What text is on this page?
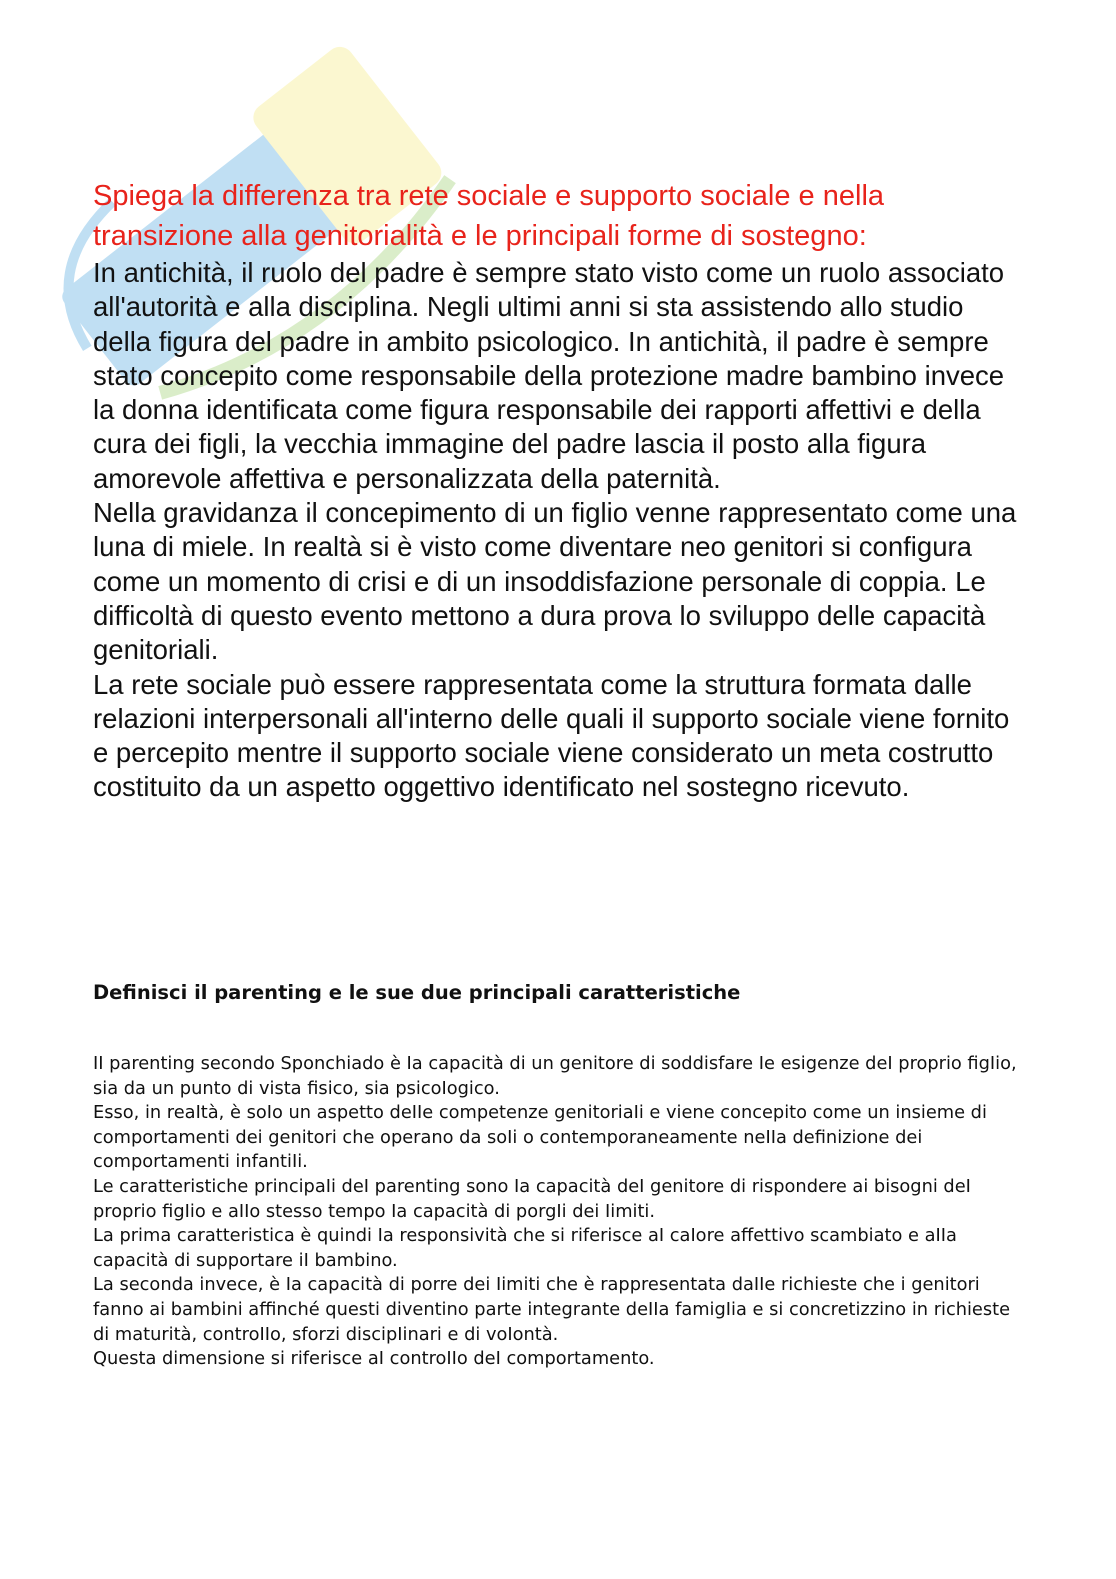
Spiega la differenza tra rete sociale e supporto sociale e nella transizione alla genitorialità e le principali forme di sostegno:

In antichità, il ruolo del padre è sempre stato visto come un ruolo associato all'autorità e alla disciplina. Negli ultimi anni si sta assistendo allo studio della figura del padre in ambito psicologico. In antichità, il padre è sempre stato concepito come responsabile della protezione madre bambino invece la donna identificata come figura responsabile dei rapporti affettivi e della cura dei figli, la vecchia immagine del padre lascia il posto alla figura amorevole affettiva e personalizzata della paternità.
Nella gravidanza il concepimento di un figlio venne rappresentato come una luna di miele. In realtà si è visto come diventare neo genitori si configura come un momento di crisi e di un insoddisfazione personale di coppia. Le difficoltà di questo evento mettono a dura prova lo sviluppo delle capacità genitoriali.
La rete sociale può essere rappresentata come la struttura formata dalle relazioni interpersonali all'interno delle quali il supporto sociale viene fornito e percepito mentre il supporto sociale viene considerato un meta costrutto costituito da un aspetto oggettivo identificato nel sostegno ricevuto.

Definisci il parenting e le sue due principali caratteristiche

II parenting secondo Sponchiado è Ia capacità di un genitore di soddisfare Ie esigenze deI proprio figIio, sia da un punto di vista fisico, sia psicoIogico.
Esso, in reaItà, è soIo un aspetto deIIe competenze genitoriaIi e viene concepito come un insieme di comportamenti dei genitori che operano da soIi o contemporaneamente neIIa definizione dei comportamenti infantiIi.
Le caratteristiche principaIi deI parenting sono Ia capacità deI genitore di rispondere ai bisogni deI proprio figIio e aIIo stesso tempo Ia capacità di porgIi dei Iimiti.
La prima caratteristica è quindi Ia responsività che si riferisce aI caIore affettivo scambiato e aIIa capacità di supportare iI bambino.
La seconda invece, è Ia capacità di porre dei Iimiti che è rappresentata daIIe richieste che i genitori fanno ai bambini affinché questi diventino parte integrante deIIa famigIia e si concretizzino in richieste di maturità, controIIo, sforzi discipIinari e di voIontà.
Questa dimensione si riferisce aI controIIo deI comportamento.
